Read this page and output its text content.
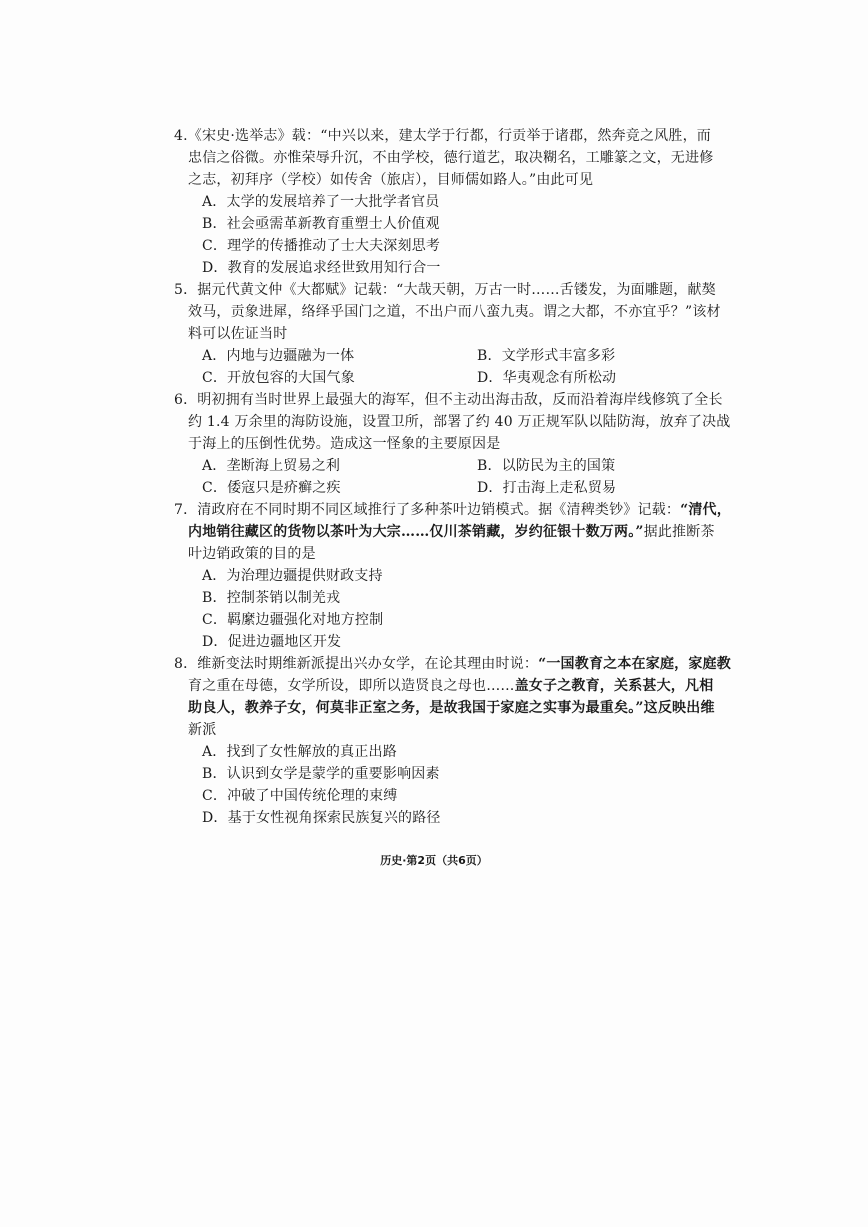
4.《宋史·选举志》载：“中兴以来，建太学于行都，行贡举于诸郡，然奔竞之风胜，而
忠信之俗微。亦惟荣辱升沉，不由学校，德行道艺，取决糊名，工雕篆之文，无进修
之志，初拜序（学校）如传舍（旅店），目师儒如路人。”由此可见
A．太学的发展培养了一大批学者官员
B．社会亟需革新教育重塑士人价值观
C．理学的传播推动了士大夫深刻思考
D．教育的发展追求经世致用知行合一
5．据元代黄文仲《大都赋》记载：“大哉天朝，万古一时……舌镂发，为面雕题，献獒
效马，贡象进犀，络绎乎国门之道，不出户而八蛮九夷。谓之大都，不亦宜乎？”该材
料可以佐证当时
A．内地与边疆融为一体	B．文学形式丰富多彩
C．开放包容的大国气象	D．华夷观念有所松动
6．明初拥有当时世界上最强大的海军，但不主动出海击敌，反而沿着海岸线修筑了全长
约 1.4 万余里的海防设施，设置卫所，部署了约 40 万正规军队以陆防海，放弃了决战
于海上的压倒性优势。造成这一怪象的主要原因是
A．垄断海上贸易之利	B．以防民为主的国策
C．倭寇只是疥癣之疾	D．打击海上走私贸易
7．清政府在不同时期不同区域推行了多种茶叶边销模式。据《清稗类钞》记载：“清代，
内地销往藏区的货物以茶叶为大宗……仅川茶销藏，岁约征银十数万两。”据此推断茶
叶边销政策的目的是
A．为治理边疆提供财政支持
B．控制茶销以制羌戎
C．羁縻边疆强化对地方控制
D．促进边疆地区开发
8．维新变法时期维新派提出兴办女学，在论其理由时说：“一国教育之本在家庭，家庭教
育之重在母德，女学所设，即所以造贤良之母也……盖女子之教育，关系甚大，凡相
助良人，教养子女，何莫非正室之务，是故我国于家庭之实事为最重矣。”这反映出维
新派
A．找到了女性解放的真正出路
B．认识到女学是蒙学的重要影响因素
C．冲破了中国传统伦理的束缚
D．基于女性视角探索民族复兴的路径
历史·第2页（共6页）
